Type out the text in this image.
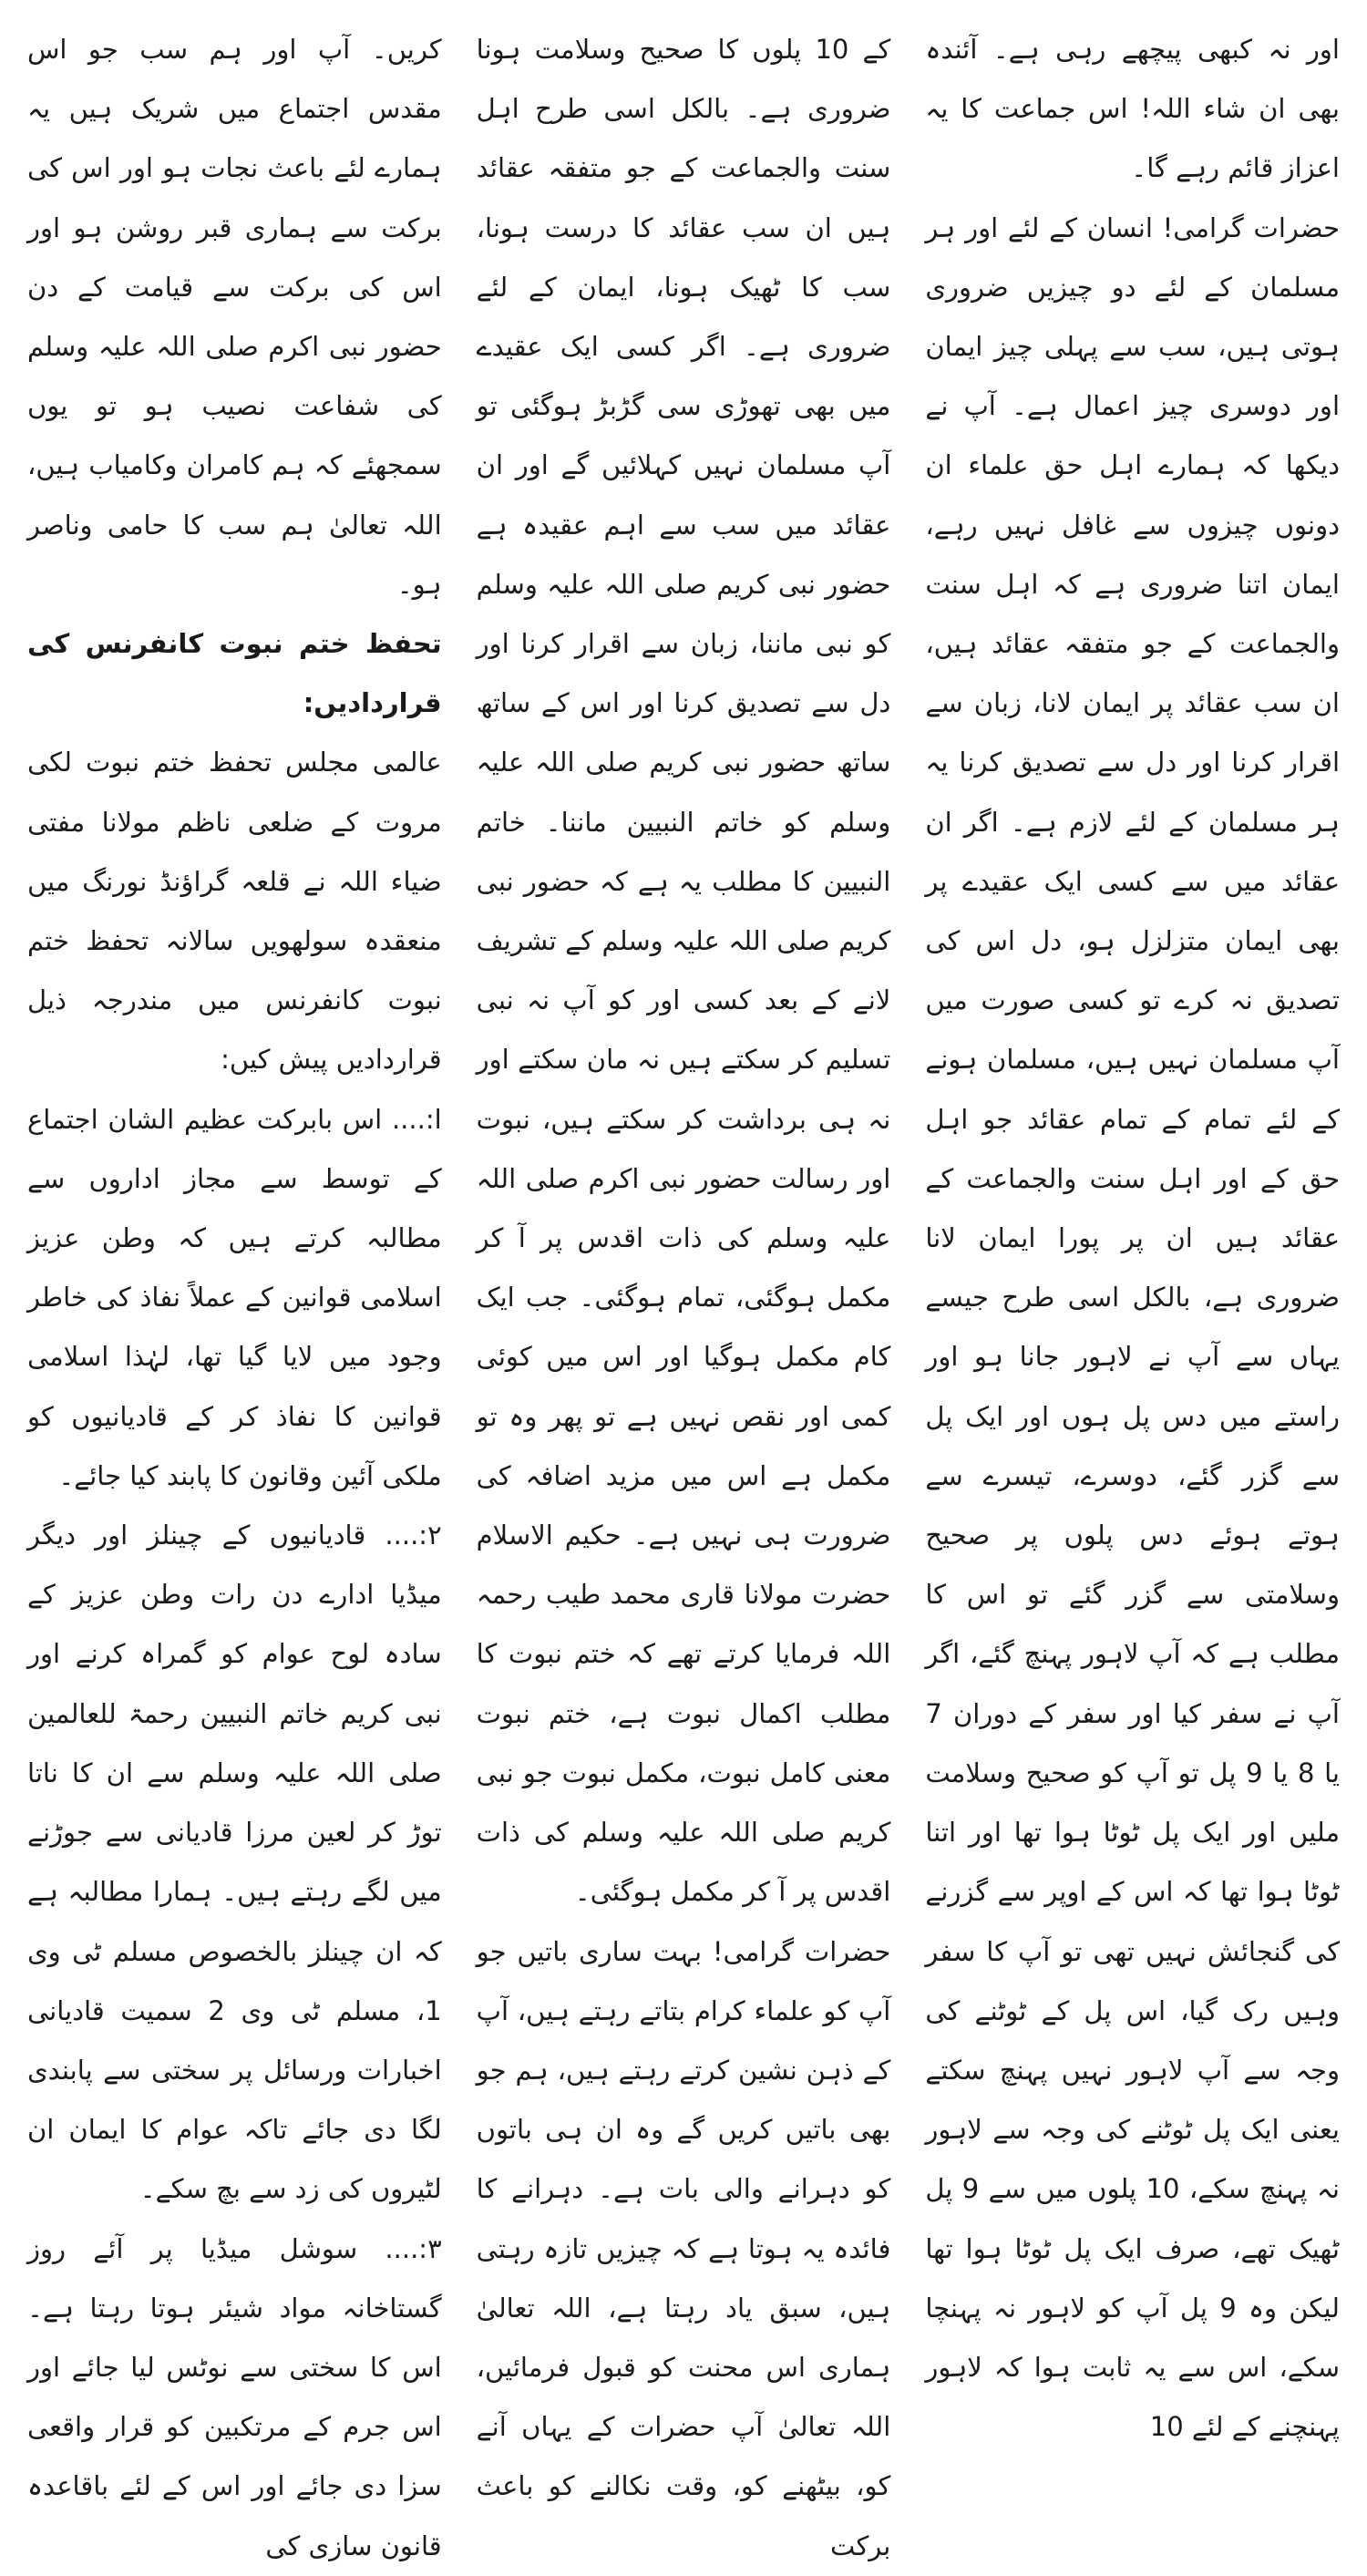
اور نہ کبھی پیچھے رہی ہے۔ آئندہ بھی ان شاء اللہ! اس جماعت کا یہ اعزاز قائم رہے گا۔

حضرات گرامی! انسان کے لئے اور ہر مسلمان کے لئے دو چیزیں ضروری ہوتی ہیں، سب سے پہلی چیز ایمان اور دوسری چیز اعمال ہے۔ آپ نے دیکھا کہ ہمارے اہل حق علماء ان دونوں چیزوں سے غافل نہیں رہے، ایمان اتنا ضروری ہے کہ اہل سنت والجماعت کے جو متفقہ عقائد ہیں، ان سب عقائد پر ایمان لانا، زبان سے اقرار کرنا اور دل سے تصدیق کرنا یہ ہر مسلمان کے لئے لازم ہے۔ اگر ان عقائد میں سے کسی ایک عقیدے پر بھی ایمان متزلزل ہو، دل اس کی تصدیق نہ کرے تو کسی صورت میں آپ مسلمان نہیں ہیں، مسلمان ہونے کے لئے تمام کے تمام عقائد جو اہل حق کے اور اہل سنت والجماعت کے عقائد ہیں ان پر پورا ایمان لانا ضروری ہے، بالکل اسی طرح جیسے یہاں سے آپ نے لاہور جانا ہو اور راستے میں دس پل ہوں اور ایک پل سے گزر گئے، دوسرے، تیسرے سے ہوتے ہوئے دس پلوں پر صحیح وسلامتی سے گزر گئے تو اس کا مطلب ہے کہ آپ لاہور پہنچ گئے، اگر آپ نے سفر کیا اور سفر کے دوران 7 یا 8 یا 9 پل تو آپ کو صحیح وسلامت ملیں اور ایک پل ٹوٹا ہوا تھا اور اتنا ٹوٹا ہوا تھا کہ اس کے اوپر سے گزرنے کی گنجائش نہیں تھی تو آپ کا سفر وہیں رک گیا، اس پل کے ٹوٹنے کی وجہ سے آپ لاہور نہیں پہنچ سکتے یعنی ایک پل ٹوٹنے کی وجہ سے لاہور نہ پہنچ سکے، 10 پلوں میں سے 9 پل ٹھیک تھے، صرف ایک پل ٹوٹا ہوا تھا لیکن وہ 9 پل آپ کو لاہور نہ پہنچا سکے، اس سے یہ ثابت ہوا کہ لاہور پہنچنے کے لئے 10

کے 10 پلوں کا صحیح وسلامت ہونا ضروری ہے۔ بالکل اسی طرح اہل سنت والجماعت کے جو متفقہ عقائد ہیں ان سب عقائد کا درست ہونا، سب کا ٹھیک ہونا، ایمان کے لئے ضروری ہے۔ اگر کسی ایک عقیدے میں بھی تھوڑی سی گڑبڑ ہوگئی تو آپ مسلمان نہیں کہلائیں گے اور ان عقائد میں سب سے اہم عقیدہ ہے حضور نبی کریم صلی اللہ علیہ وسلم کو نبی ماننا، زبان سے اقرار کرنا اور دل سے تصدیق کرنا اور اس کے ساتھ ساتھ حضور نبی کریم صلی اللہ علیہ وسلم کو خاتم النبیین ماننا۔ خاتم النبیین کا مطلب یہ ہے کہ حضور نبی کریم صلی اللہ علیہ وسلم کے تشریف لانے کے بعد کسی اور کو آپ نہ نبی تسلیم کر سکتے ہیں نہ مان سکتے اور نہ ہی برداشت کر سکتے ہیں، نبوت اور رسالت حضور نبی اکرم صلی اللہ علیہ وسلم کی ذات اقدس پر آ کر مکمل ہوگئی، تمام ہوگئی۔ جب ایک کام مکمل ہوگیا اور اس میں کوئی کمی اور نقص نہیں ہے تو پھر وہ تو مکمل ہے اس میں مزید اضافہ کی ضرورت ہی نہیں ہے۔ حکیم الاسلام حضرت مولانا قاری محمد طیب رحمہ اللہ فرمایا کرتے تھے کہ ختم نبوت کا مطلب اکمال نبوت ہے، ختم نبوت معنی کامل نبوت، مکمل نبوت جو نبی کریم صلی اللہ علیہ وسلم کی ذات اقدس پر آ کر مکمل ہوگئی۔

حضرات گرامی! بہت ساری باتیں جو آپ کو علماء کرام بتاتے رہتے ہیں، آپ کے ذہن نشین کرتے رہتے ہیں، ہم جو بھی باتیں کریں گے وہ ان ہی باتوں کو دہرانے والی بات ہے۔ دہرانے کا فائدہ یہ ہوتا ہے کہ چیزیں تازہ رہتی ہیں، سبق یاد رہتا ہے، اللہ تعالیٰ ہماری اس محنت کو قبول فرمائیں، اللہ تعالیٰ آپ حضرات کے یہاں آنے کو، بیٹھنے کو، وقت نکالنے کو باعث برکت

کریں۔ آپ اور ہم سب جو اس مقدس اجتماع میں شریک ہیں یہ ہمارے لئے باعث نجات ہو اور اس کی برکت سے ہماری قبر روشن ہو اور اس کی برکت سے قیامت کے دن حضور نبی اکرم صلی اللہ علیہ وسلم کی شفاعت نصیب ہو تو یوں سمجھئے کہ ہم کامران وکامیاب ہیں، اللہ تعالیٰ ہم سب کا حامی وناصر ہو۔

تحفظ ختم نبوت کانفرنس کی قراردادیں:

عالمی مجلس تحفظ ختم نبوت لکی مروت کے ضلعی ناظم مولانا مفتی ضیاء اللہ نے قلعہ گراؤنڈ نورنگ میں منعقدہ سولھویں سالانہ تحفظ ختم نبوت کانفرنس میں مندرجہ ذیل قراردادیں پیش کیں:

ا:.... اس بابرکت عظیم الشان اجتماع کے توسط سے مجاز اداروں سے مطالبہ کرتے ہیں کہ وطن عزیز اسلامی قوانین کے عملاً نفاذ کی خاطر وجود میں لایا گیا تھا، لہٰذا اسلامی قوانین کا نفاذ کر کے قادیانیوں کو ملکی آئین وقانون کا پابند کیا جائے۔

۲:.... قادیانیوں کے چینلز اور دیگر میڈیا ادارے دن رات وطن عزیز کے سادہ لوح عوام کو گمراہ کرنے اور نبی کریم خاتم النبیین رحمۃ للعالمین صلی اللہ علیہ وسلم سے ان کا ناتا توڑ کر لعین مرزا قادیانی سے جوڑنے میں لگے رہتے ہیں۔ ہمارا مطالبہ ہے کہ ان چینلز بالخصوص مسلم ٹی وی 1، مسلم ٹی وی 2 سمیت قادیانی اخبارات ورسائل پر سختی سے پابندی لگا دی جائے تاکہ عوام کا ایمان ان لٹیروں کی زد سے بچ سکے۔

۳:.... سوشل میڈیا پر آئے روز گستاخانہ مواد شیئر ہوتا رہتا ہے۔ اس کا سختی سے نوٹس لیا جائے اور اس جرم کے مرتکبین کو قرار واقعی سزا دی جائے اور اس کے لئے باقاعدہ قانون سازی کی
